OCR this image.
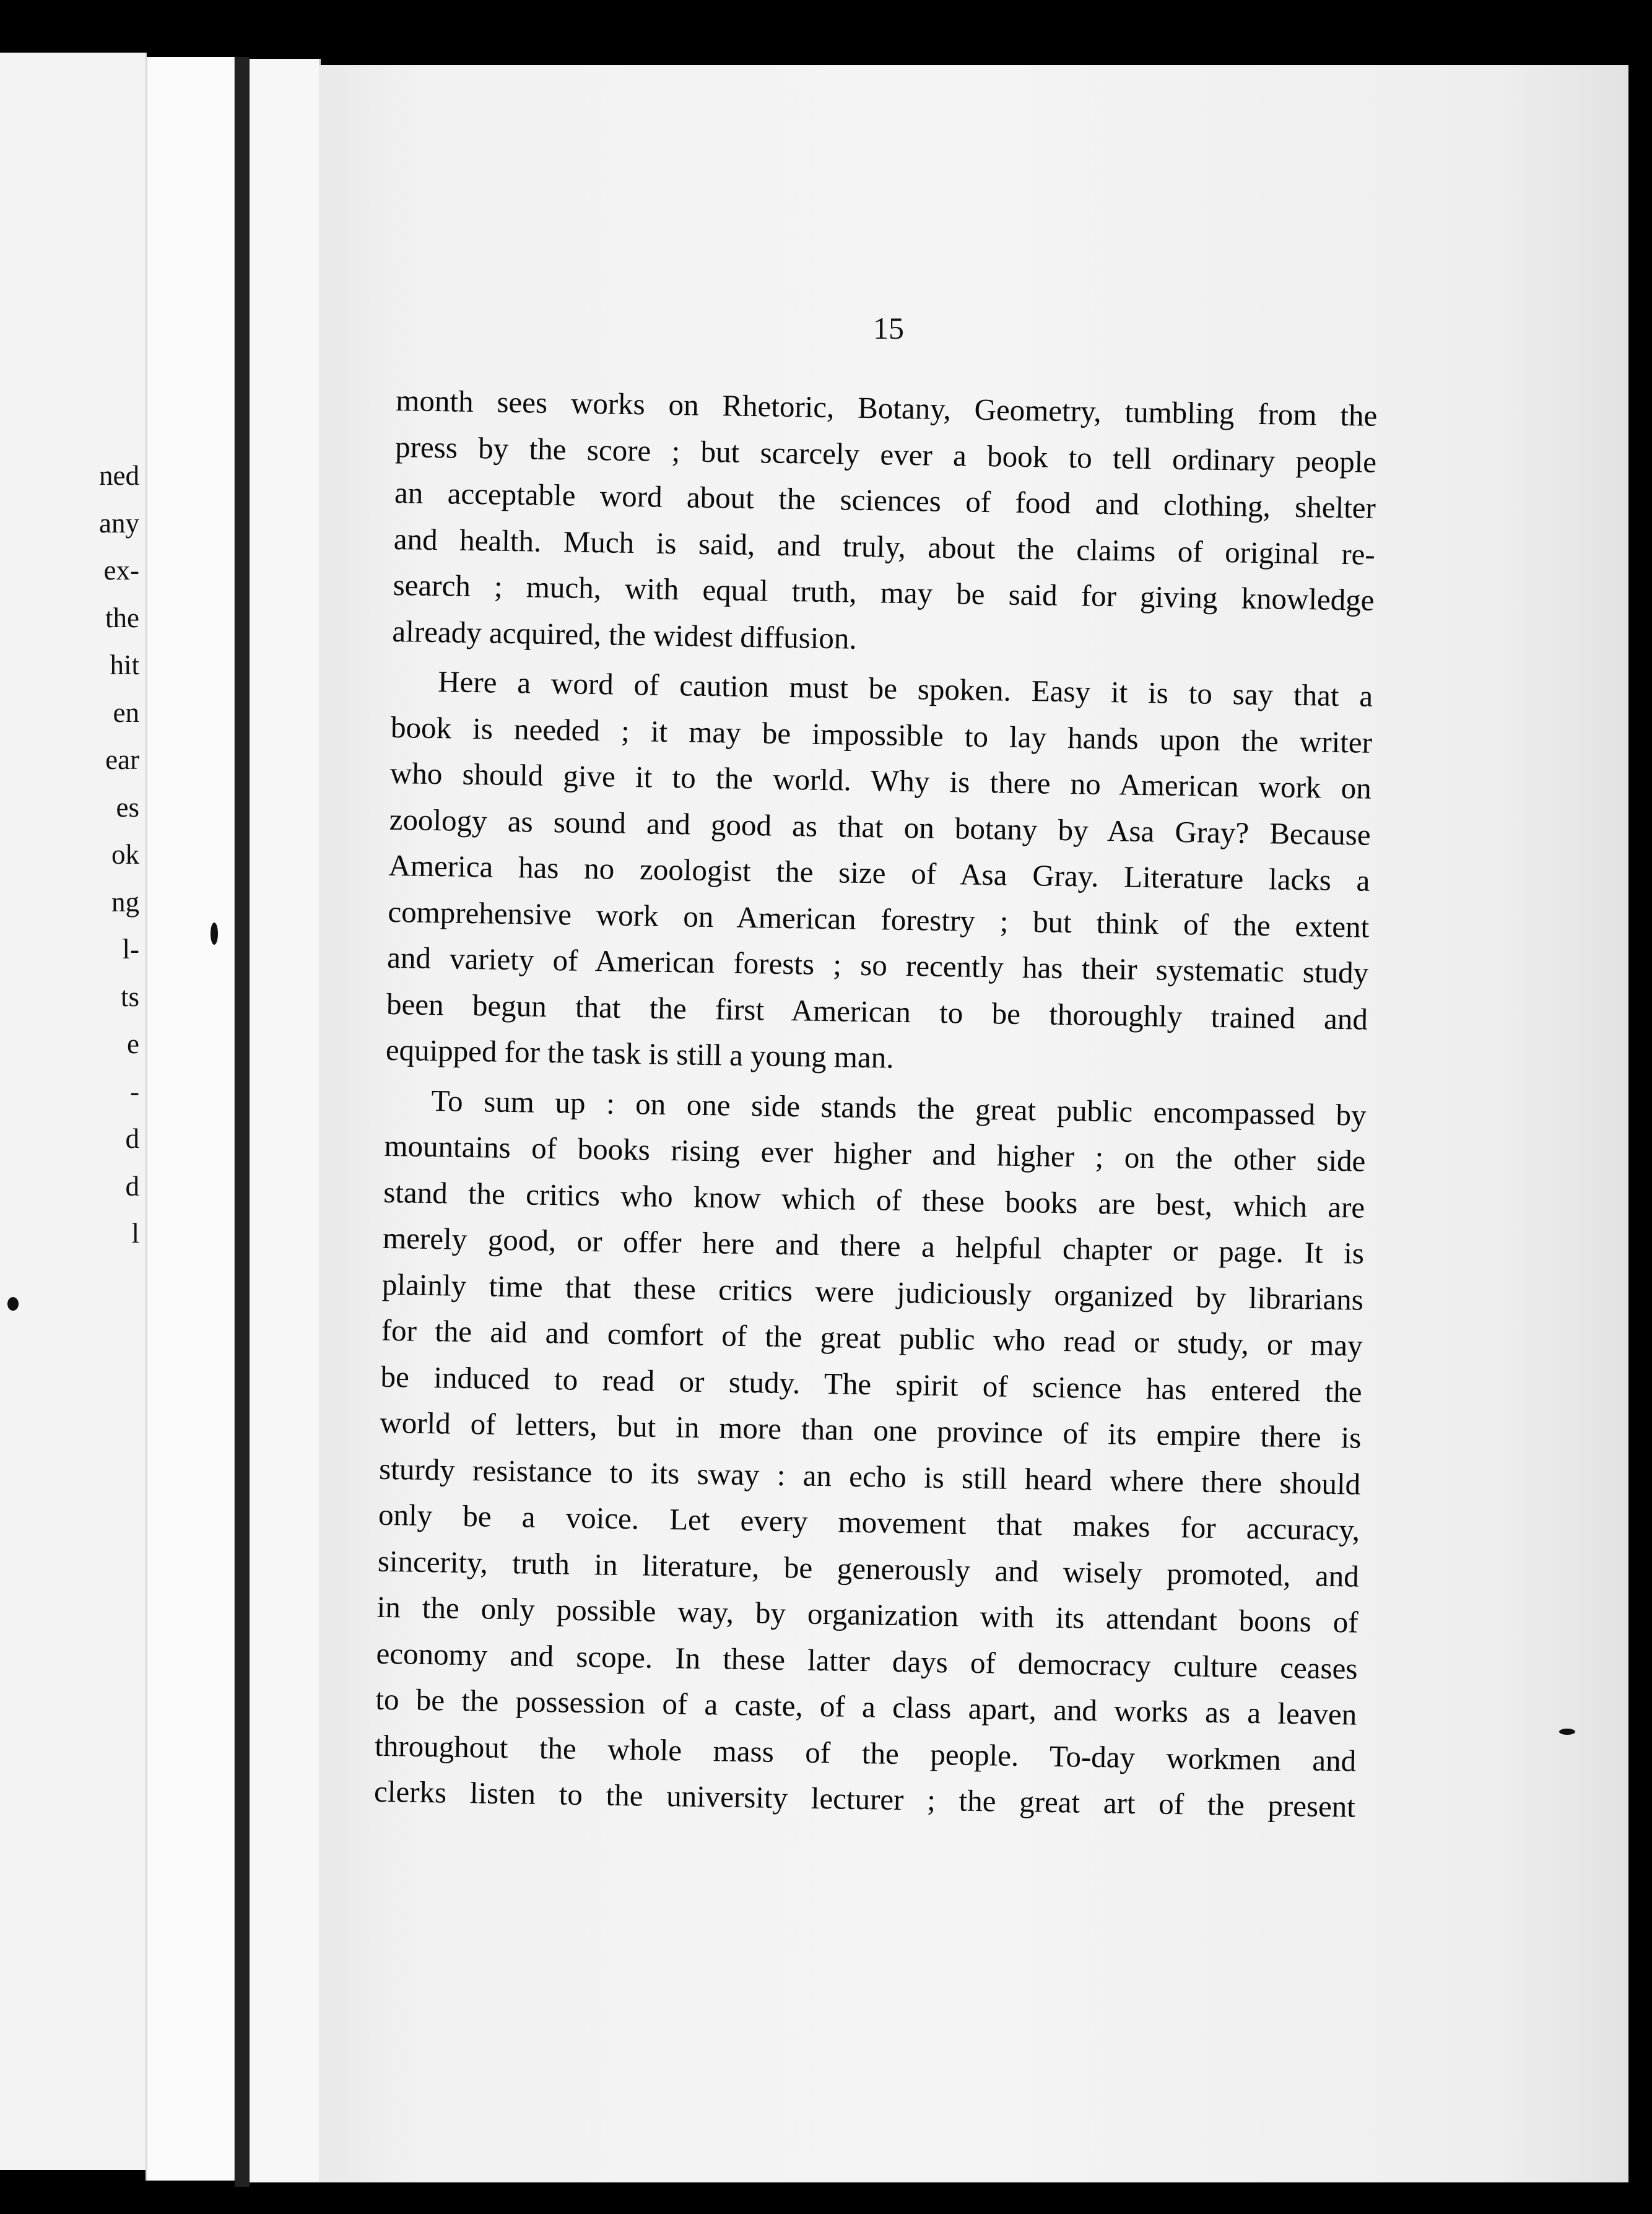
ned
any
ex-
the
hit
en
ear
es
ok
ng
l-
ts
e
-
d
d
l
15
month sees works on Rhetoric, Botany, Geometry, tumbling from the
press by the score ; but scarcely ever a book to tell ordinary people
an acceptable word about the sciences of food and clothing, shelter
and health. Much is said, and truly, about the claims of original re-
search ; much, with equal truth, may be said for giving knowledge
already acquired, the widest diffusion.
Here a word of caution must be spoken. Easy it is to say that a
book is needed ; it may be impossible to lay hands upon the writer
who should give it to the world. Why is there no American work on
zoology as sound and good as that on botany by Asa Gray? Because
America has no zoologist the size of Asa Gray. Literature lacks a
comprehensive work on American forestry ; but think of the extent
and variety of American forests ; so recently has their systematic study
been begun that the first American to be thoroughly trained and
equipped for the task is still a young man.
To sum up : on one side stands the great public encompassed by
mountains of books rising ever higher and higher ; on the other side
stand the critics who know which of these books are best, which are
merely good, or offer here and there a helpful chapter or page. It is
plainly time that these critics were judiciously organized by librarians
for the aid and comfort of the great public who read or study, or may
be induced to read or study. The spirit of science has entered the
world of letters, but in more than one province of its empire there is
sturdy resistance to its sway : an echo is still heard where there should
only be a voice. Let every movement that makes for accuracy,
sincerity, truth in literature, be generously and wisely promoted, and
in the only possible way, by organization with its attendant boons of
economy and scope. In these latter days of democracy culture ceases
to be the possession of a caste, of a class apart, and works as a leaven
throughout the whole mass of the people. To-day workmen and
clerks listen to the university lecturer ; the great art of the present
